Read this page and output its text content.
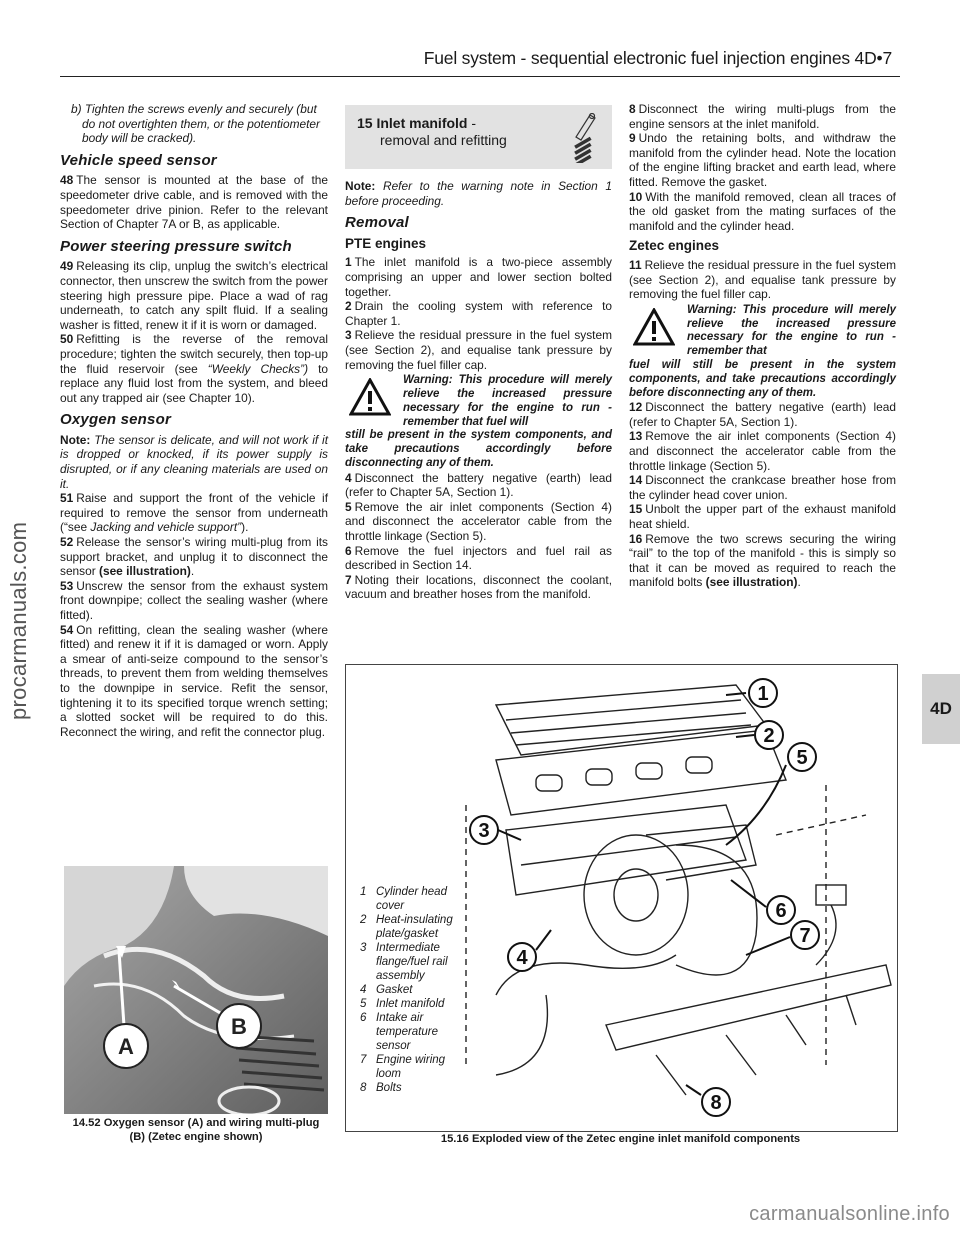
Fuel system - sequential electronic fuel injection engines 4D•7
procarmanuals.com

b) Tighten the screws evenly and securely (but do not overtighten them, or the potentiometer body will be cracked).

Vehicle speed sensor

48 The sensor is mounted at the base of the speedometer drive cable, and is removed with the speedometer drive pinion. Refer to the relevant Section of Chapter 7A or B, as applicable.

Power steering pressure switch

49 Releasing its clip, unplug the switch’s electrical connector, then unscrew the switch from the power steering high pressure pipe. Place a wad of rag underneath, to catch any spilt fluid. If a sealing washer is fitted, renew it if it is worn or damaged.

50 Refitting is the reverse of the removal procedure; tighten the switch securely, then top-up the fluid reservoir (see “Weekly Checks”) to replace any fluid lost from the system, and bleed out any trapped air (see Chapter 10).

Oxygen sensor

Note: The sensor is delicate, and will not work if it is dropped or knocked, if its power supply is disrupted, or if any cleaning materials are used on it.

51 Raise and support the front of the vehicle if required to remove the sensor from underneath (“see Jacking and vehicle support”).

52 Release the sensor’s wiring multi-plug from its support bracket, and unplug it to disconnect the sensor (see illustration).

53 Unscrew the sensor from the exhaust system front downpipe; collect the sealing washer (where fitted).

54 On refitting, clean the sealing washer (where fitted) and renew it if it is damaged or worn. Apply a smear of anti-seize compound to the sensor’s threads, to prevent them from welding themselves to the downpipe in service. Refit the sensor, tightening it to its specified torque wrench setting; a slotted socket will be required to do this. Reconnect the wiring, and refit the connector plug.

15 Inlet manifold -
removal and refitting

Note: Refer to the warning note in Section 1 before proceeding.

Removal
PTE engines

1 The inlet manifold is a two-piece assembly comprising an upper and lower section bolted together.

2 Drain the cooling system with reference to Chapter 1.

3 Relieve the residual pressure in the fuel system (see Section 2), and equalise tank pressure by removing the fuel filler cap.

Warning: This procedure will merely relieve the increased pressure necessary for the engine to run - remember that fuel will
still be present in the system components, and take precautions accordingly before disconnecting any of them.

4 Disconnect the battery negative (earth) lead (refer to Chapter 5A, Section 1).

5 Remove the air inlet components (Section 4) and disconnect the accelerator cable from the throttle linkage (Section 5).

6 Remove the fuel injectors and fuel rail as described in Section 14.

7 Noting their locations, disconnect the coolant, vacuum and breather hoses from the manifold.

8 Disconnect the wiring multi-plugs from the engine sensors at the inlet manifold.

9 Undo the retaining bolts, and withdraw the manifold from the cylinder head. Note the location of the engine lifting bracket and earth lead, where fitted. Remove the gasket.

10 With the manifold removed, clean all traces of the old gasket from the mating surfaces of the manifold and the cylinder head.

Zetec engines

11 Relieve the residual pressure in the fuel system (see Section 2), and equalise tank pressure by removing the fuel filler cap.

Warning: This procedure will merely relieve the increased pressure necessary for the engine to run - remember that
fuel will still be present in the system components, and take precautions accordingly before disconnecting any of them.

12 Disconnect the battery negative (earth) lead (refer to Chapter 5A, Section 1).

13 Remove the air inlet components (Section 4) and disconnect the accelerator cable from the throttle linkage (Section 5).

14 Disconnect the crankcase breather hose from the cylinder head cover union.

15 Unbolt the upper part of the exhaust manifold heat shield.

16 Remove the two screws securing the wiring “rail” to the top of the manifold - this is simply so that it can be moved as required to reach the manifold bolts (see illustration).

4D
A
B
14.52 Oxygen sensor (A) and wiring multi-plug (B) (Zetec engine shown)
1 Cylinder head cover
2 Heat-insulating plate/gasket
3 Intermediate flange/fuel rail assembly
4 Gasket
5 Inlet manifold
6 Intake air temperature sensor
7 Engine wiring loom
8 Bolts
1
2
5
3
4
6
7
8
15.16 Exploded view of the Zetec engine inlet manifold components
carmanualsonline.info
